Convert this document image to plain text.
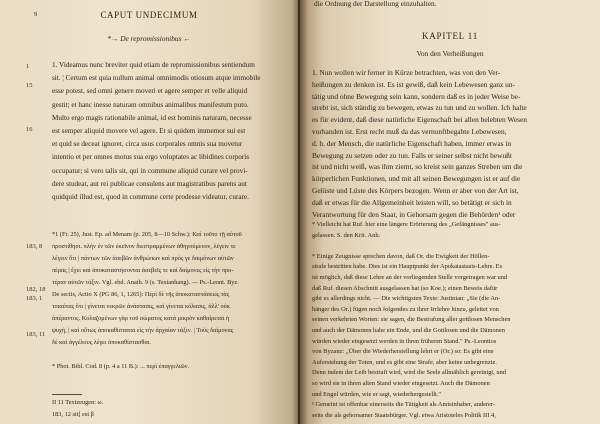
9	CAPUT UNDECIMUM
*→ De repromissionibus ←
1
15
16
183, 8
182, 18
183, 1
183, 11
1. Videamus nunc breviter quid etiam de repromissionibus sentiendum
sit. ¦ Certum est quia nullum animal omnimodis otiosum atque immobile
esse potest, sed omni genere moveri et agere semper et velle aliquid
gestit; et hanc inesse naturam omnibus animalibus manifestum puto.
Multo ergo magis rationabile animal, id est hominis naturam, necesse
est semper aliquid movere vel agere. Et si quidem immemor sui est
et quid se deceat ignoret, circa usus corporales omnis sua movetur
intentio et per omnes motus sua ergo voluptates ac libidines corporis
occupatur; si vero talis sit, qui in commune aliquid curare vel provi-
dere studeat, aut rei publicae consulens aut magistratibus parens aut
quidquid illud est, quod in commune certe prodesse videatur, curare.
*1 (Fr. 25), Just. Ep. ad Menam (p. 205, 8—10 Schw.): Καὶ τοῦτο τῇ αὐτοῦ
προστίθησι. πλὴν ἐν τῶν ἐκεῖνον διεστραμμένων ἀθηγούμενον, λέγειν τε
λέγειν ὅτι | πάντων τῶν ἀσεβῶν ἀνθρώπων καὶ πρὸς γε δαιμόνων αὐτῶν
πέρας | ἔχει καὶ ἀποκαταστήσονται ἀσεβεῖς τε καὶ δαίμονες εἰς τὴν προ-
τέραν αὐτῶν τάξιν. Vgl. ebd. Anath. 9 (s. Textanhang). — Ps.-Leont. Byz.
De sectis, Actio X (PG 86, 1, 1265): Περὶ δὲ τῆς ἀποκαταστάσεως τὰς
τοιαύτας ὅτι | γίνεται νεκρῶν ἀνάστασις, καὶ γίνεται κόλασις, ἀλλ' οὐκ
ἀπέραντος. Κολαζομένων γὰρ τοῦ σώματος κατὰ μικρὸν καθαίρεται ἡ
ψυχή, | καὶ οὕτως ἀποκαθίσταται εἰς τὴν ἀρχαίαν τάξιν. | Τοὺς δαίμονας
δὲ καὶ ἀγγέλους λέγει ἀποκαθίστασθαι.
* Phot. Bibl. Cod. 8 (p. 4 a 11 B.): ... περὶ ἐπαγγελιῶν.
II 11 Textzeugen: ω.
183, 12 sit] est β
die Ordnung der Darstellung einzuhalten.
KAPITEL 11
Von den Verheißungen
1. Nun wollen wir ferner in Kürze betrachten, was von den Ver-
heißungen zu denken ist. Es ist gewiß, daß kein Lebewesen ganz un-
tätig und ohne Bewegung sein kann, sondern daß es in jeder Weise be-
strebt ist, sich ständig zu bewegen, etwas zu tun und zu wollen. Ich halte
es für evident, daß diese natürliche Eigenschaft bei allen belebten Wesen
vorhanden ist. Erst recht muß da das vernunftbegabte Lebewesen,
d. h. der Mensch, die natürliche Eigenschaft haben, immer etwas in
Bewegung zu setzen oder zu tun. Falls er seiner selbst nicht bewußt
ist und nicht weiß, was ihm ziemt, so kreist sein ganzes Streben um die
körperlichen Funktionen, und mit all seinen Bewegungen ist er auf die
Gelüste und Lüste des Körpers bezogen. Wenn er aber von der Art ist,
daß er etwas für die Allgemeinheit leisten will, so betätigt er sich in
Verantwortung für den Staat, in Gehorsam gegen die Behörden¹ oder
* Vielleicht hat Ruf. hier eine längere Erörterung des „Gefängnisses" aus-
gelassen. S. den Krit. Anh.
* Einige Zeugnisse sprechen davon, daß Or. die Ewigkeit der Höllen-
strafe bestritten habe. Dies ist ein Hauptpunkt der Apokatastasis-Lehre. Es
ist möglich, daß diese Lehre an der vorliegenden Stelle vorgetragen war und
daß Ruf. diesen Abschnitt ausgelassen hat (so Koe.); einen Beweis dafür
gibt es allerdings nicht. — Die wichtigsten Texte: Justinian: „Sie (die An-
hänger des Or.) fügen noch folgendes zu ihrer Irrlehre hinzu, geleitet von
seinen verkehrten Worten: sie sagen, die Bestrafung aller gottlosen Menschen
und auch der Dämonen habe ein Ende, und die Gottlosen und die Dämonen
würden wieder eingesetzt werden in ihren früheren Stand." Ps.-Leontios
von Byzanz: „Über die Wiederherstellung lehrt er (Or.) so: Es gibt eine
Auferstehung der Toten, und es gibt eine Strafe, aber keine unbegrenzte.
Denn indem der Leib bestraft wird, wird die Seele allmählich gereinigt, und
so wird sie in ihren alten Stand wieder eingesetzt. Auch die Dämonen
und Engel würden, wie er sagt, wiederhergestellt."
¹ Gemeint ist offenbar einerseits die Tätigkeit als Amtsinhaber, anderer-
seits die als gehorsamer Staatsbürger. Vgl. etwa Aristoteles Politik III 4,
